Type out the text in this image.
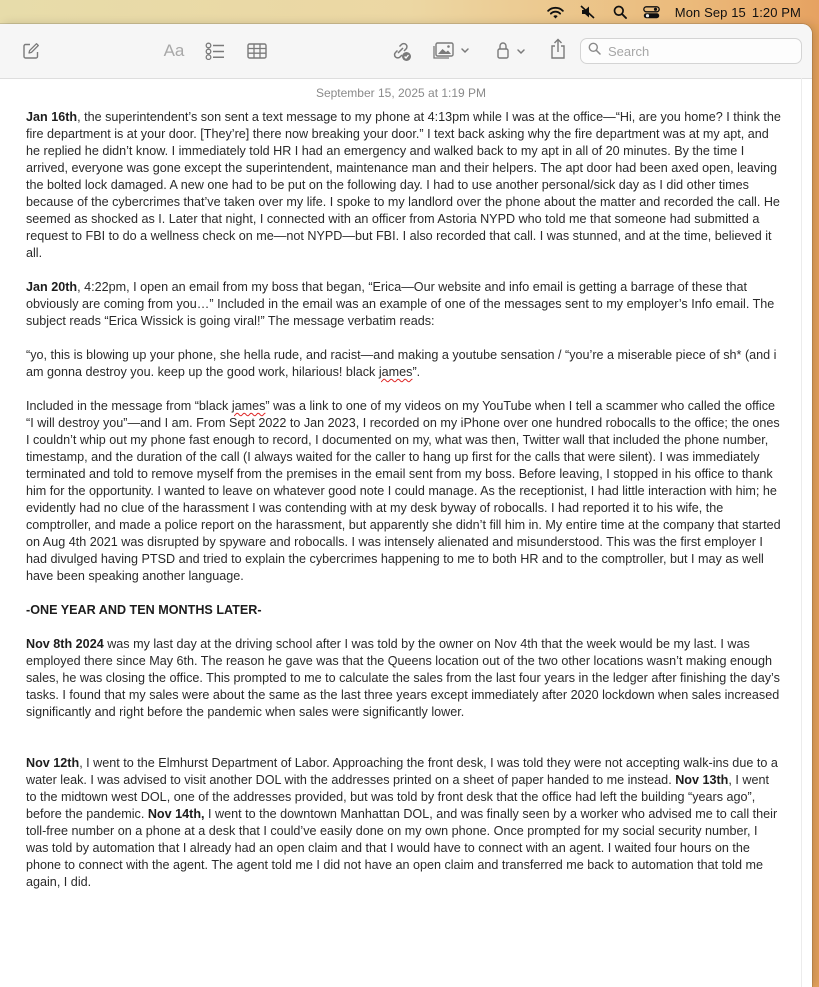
Mon Sep 15 1:20 PM
Aa
Search
September 15, 2025 at 1:19 PM

Jan 16th, the superintendent’s son sent a text message to my phone at 4:13pm while I was at the office—“Hi, are you home? I think the fire department is at your door. [They’re] there now breaking your door.” I text back asking why the fire department was at my apt, and he replied he didn’t know. I immediately told HR I had an emergency and walked back to my apt in all of 20 minutes. By the time I arrived, everyone was gone except the superintendent, maintenance man and their helpers. The apt door had been axed open, leaving the bolted lock damaged. A new one had to be put on the following day. I had to use another personal/sick day as I did other times because of the cybercrimes that’ve taken over my life. I spoke to my landlord over the phone about the matter and recorded the call. He seemed as shocked as I. Later that night, I connected with an officer from Astoria NYPD who told me that someone had submitted a request to FBI to do a wellness check on me—not NYPD—but FBI. I also recorded that call. I was stunned, and at the time, believed it all.

Jan 20th, 4:22pm, I open an email from my boss that began, “Erica—Our website and info email is getting a barrage of these that obviously are coming from you…” Included in the email was an example of one of the messages sent to my employer’s Info email. The subject reads “Erica Wissick is going viral!” The message verbatim reads:

“yo, this is blowing up your phone, she hella rude, and racist—and making a youtube sensation / “you’re a miserable piece of sh* (and i am gonna destroy you. keep up the good work, hilarious! black james”.

Included in the message from “black james” was a link to one of my videos on my YouTube when I tell a scammer who called the office “I will destroy you”—and I am. From Sept 2022 to Jan 2023, I recorded on my iPhone over one hundred robocalls to the office; the ones I couldn’t whip out my phone fast enough to record, I documented on my, what was then, Twitter wall that included the phone number, timestamp, and the duration of the call (I always waited for the caller to hang up first for the calls that were silent). I was immediately terminated and told to remove myself from the premises in the email sent from my boss. Before leaving, I stopped in his office to thank him for the opportunity. I wanted to leave on whatever good note I could manage. As the receptionist, I had little interaction with him; he evidently had no clue of the harassment I was contending with at my desk byway of robocalls. I had reported it to his wife, the comptroller, and made a police report on the harassment, but apparently she didn’t fill him in. My entire time at the company that started on Aug 4th 2021 was disrupted by spyware and robocalls. I was intensely alienated and misunderstood. This was the first employer I had divulged having PTSD and tried to explain the cybercrimes happening to me to both HR and to the comptroller, but I may as well have been speaking another language.

-ONE YEAR AND TEN MONTHS LATER-

Nov 8th 2024 was my last day at the driving school after I was told by the owner on Nov 4th that the week would be my last. I was employed there since May 6th. The reason he gave was that the Queens location out of the two other locations wasn’t making enough sales, he was closing the office. This prompted to me to calculate the sales from the last four years in the ledger after finishing the day’s tasks. I found that my sales were about the same as the last three years except immediately after 2020 lockdown when sales increased significantly and right before the pandemic when sales were significantly lower.

Nov 12th, I went to the Elmhurst Department of Labor. Approaching the front desk, I was told they were not accepting walk-ins due to a water leak. I was advised to visit another DOL with the addresses printed on a sheet of paper handed to me instead. Nov 13th, I went to the midtown west DOL, one of the addresses provided, but was told by front desk that the office had left the building “years ago”, before the pandemic. Nov 14th, I went to the downtown Manhattan DOL, and was finally seen by a worker who advised me to call their toll-free number on a phone at a desk that I could’ve easily done on my own phone. Once prompted for my social security number, I was told by automation that I already had an open claim and that I would have to connect with an agent. I waited four hours on the phone to connect with the agent. The agent told me I did not have an open claim and transferred me back to automation that told me again, I did.
